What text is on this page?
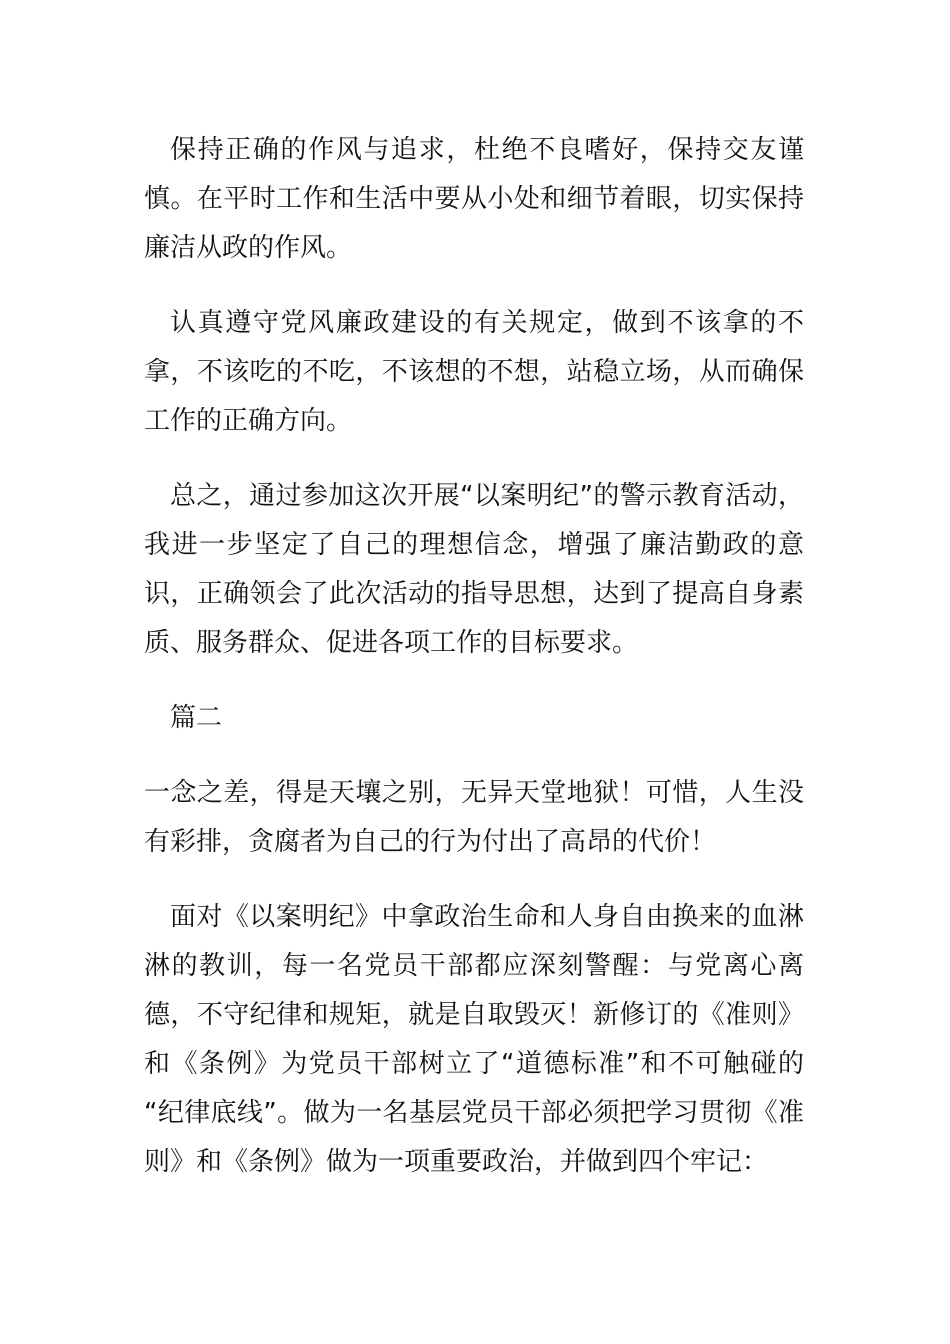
保持正确的作风与追求，杜绝不良嗜好，保持交友谨慎。在平时工作和生活中要从小处和细节着眼，切实保持廉洁从政的作风。

认真遵守党风廉政建设的有关规定，做到不该拿的不拿，不该吃的不吃，不该想的不想，站稳立场，从而确保工作的正确方向。

总之，通过参加这次开展“以案明纪”的警示教育活动，我进一步坚定了自己的理想信念，增强了廉洁勤政的意识，正确领会了此次活动的指导思想，达到了提高自身素质、服务群众、促进各项工作的目标要求。

篇二

一念之差，得是天壤之别，无异天堂地狱！可惜，人生没有彩排，贪腐者为自己的行为付出了高昂的代价！

面对《以案明纪》中拿政治生命和人身自由换来的血淋淋的教训，每一名党员干部都应深刻警醒：与党离心离德，不守纪律和规矩，就是自取毁灭！新修订的《准则》和《条例》为党员干部树立了“道德标准”和不可触碰的 “纪律底线”。做为一名基层党员干部必须把学习贯彻《准则》和《条例》做为一项重要政治，并做到四个牢记：
